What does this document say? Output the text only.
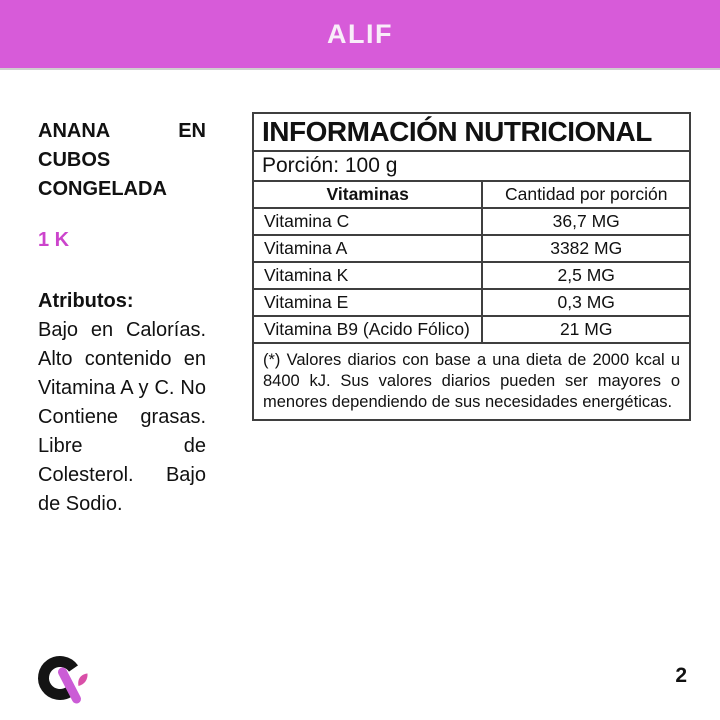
ALIF
ANANA EN CUBOS CONGELADA
1 K
Atributos:
Bajo en Calorías. Alto contenido en Vitamina A y C. No Contiene grasas. Libre de Colesterol. Bajo de Sodio.
INFORMACIÓN NUTRICIONAL	
Porción: 100 g	
Vitaminas	Cantidad por porción
Vitamina C	36,7 MG
Vitamina A	3382 MG
Vitamina K	2,5 MG
Vitamina E	0,3 MG
Vitamina B9 (Acido Fólico)	21 MG
(*) Valores diarios con base a una dieta de 2000 kcal u 8400 kJ. Sus valores diarios pueden ser mayores o menores dependiendo de sus necesidades energéticas.	
2
